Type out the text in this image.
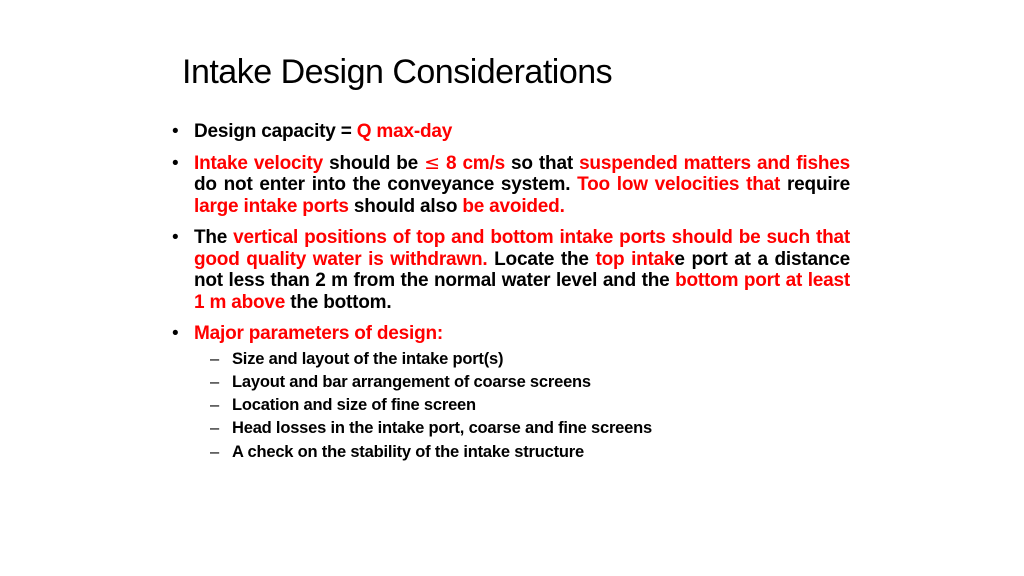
Intake Design Considerations
• Design capacity = Q max-day
• Intake velocity should be ≤ 8 cm/s so that suspended matters and fishes do not enter into the conveyance system. Too low velocities that require large intake ports should also be avoided.
• The vertical positions of top and bottom intake ports should be such that good quality water is withdrawn. Locate the top intake port at a distance not less than 2 m from the normal water level and the bottom port at least 1 m above the bottom.
• Major parameters of design:
– Size and layout of the intake port(s)
– Layout and bar arrangement of coarse screens
– Location and size of fine screen
– Head losses in the intake port, coarse and fine screens
– A check on the stability of the intake structure
